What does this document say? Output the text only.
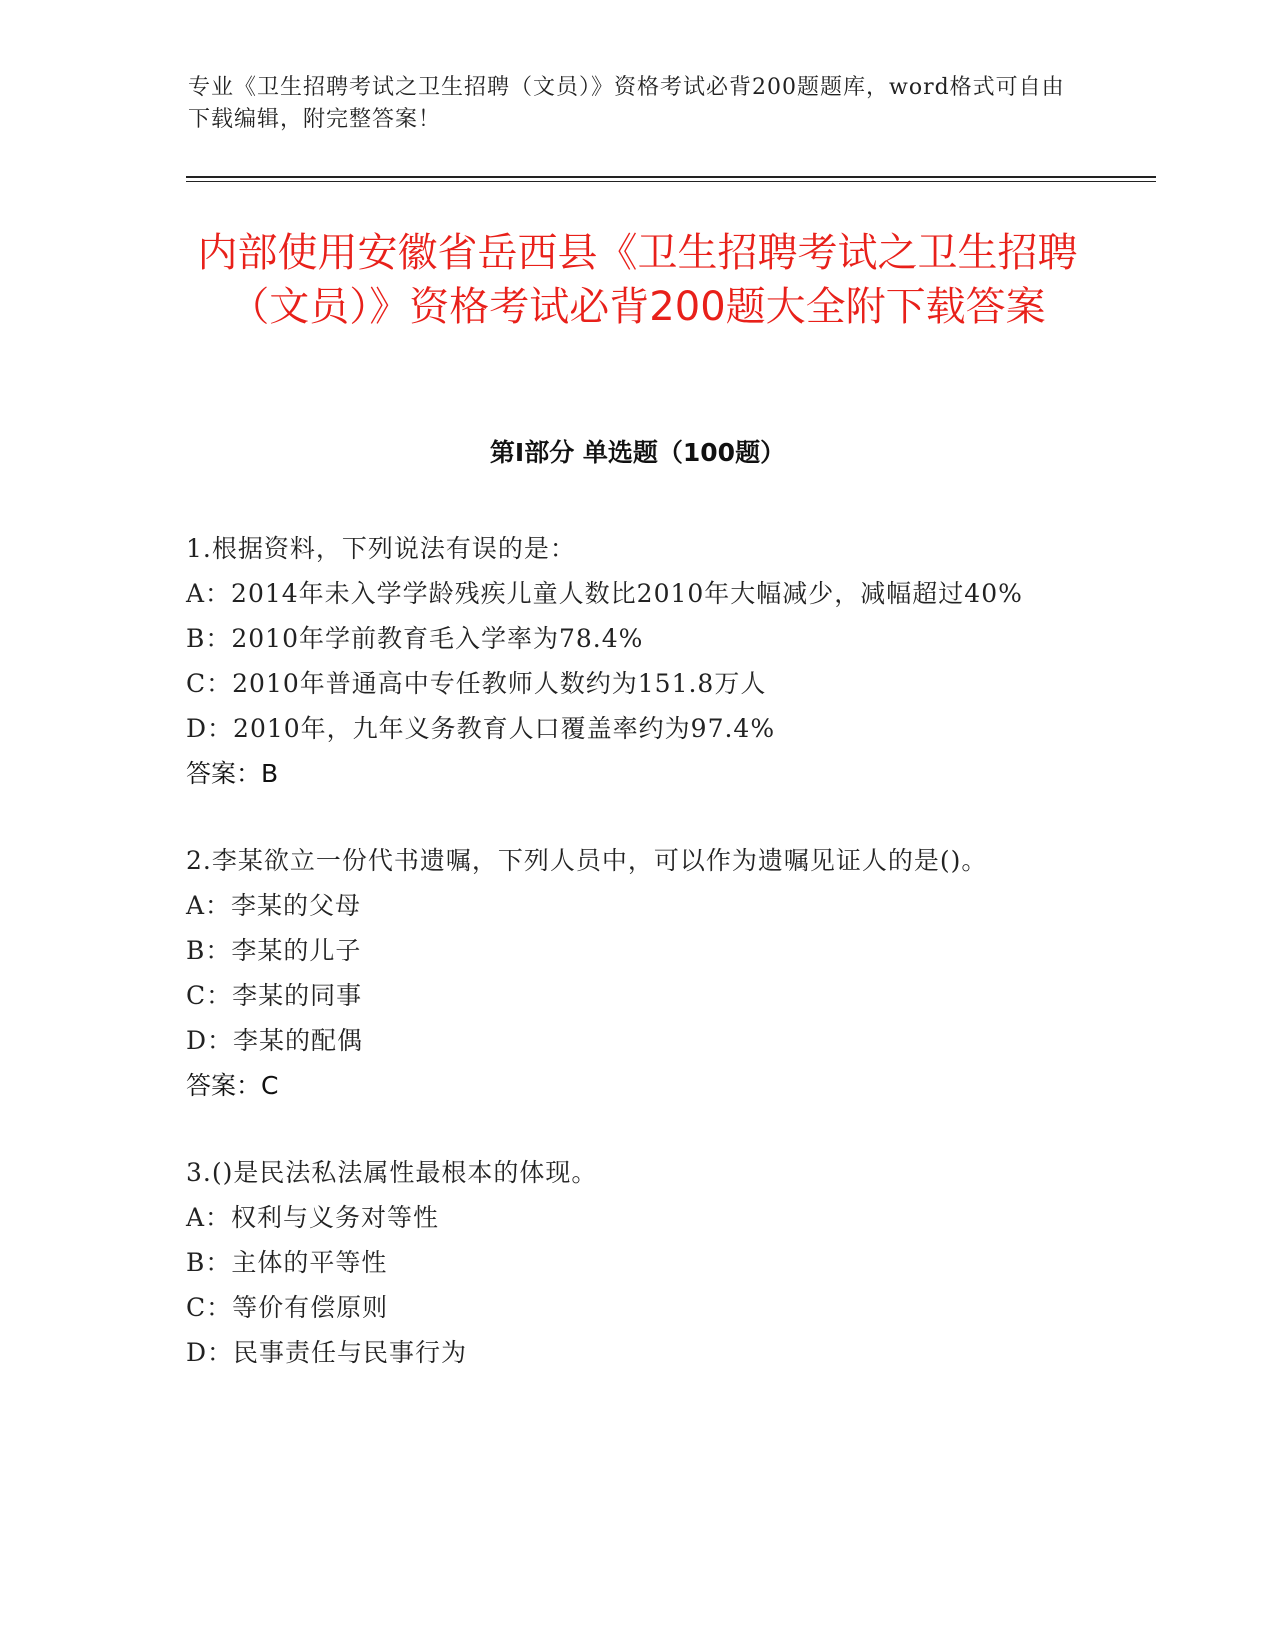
专业《卫生招聘考试之卫生招聘（文员）》资格考试必背200题题库，word格式可自由下载编辑，附完整答案！
内部使用安徽省岳西县《卫生招聘考试之卫生招聘（文员）》资格考试必背200题大全附下载答案
第I部分 单选题（100题）
1.根据资料，下列说法有误的是：
A：2014年未入学学龄残疾儿童人数比2010年大幅减少，减幅超过40%
B：2010年学前教育毛入学率为78.4%
C：2010年普通高中专任教师人数约为151.8万人
D：2010年，九年义务教育人口覆盖率约为97.4%
答案：B
2.李某欲立一份代书遗嘱，下列人员中，可以作为遗嘱见证人的是()。
A：李某的父母
B：李某的儿子
C：李某的同事
D：李某的配偶
答案：C
3.()是民法私法属性最根本的体现。
A：权利与义务对等性
B：主体的平等性
C：等价有偿原则
D：民事责任与民事行为
